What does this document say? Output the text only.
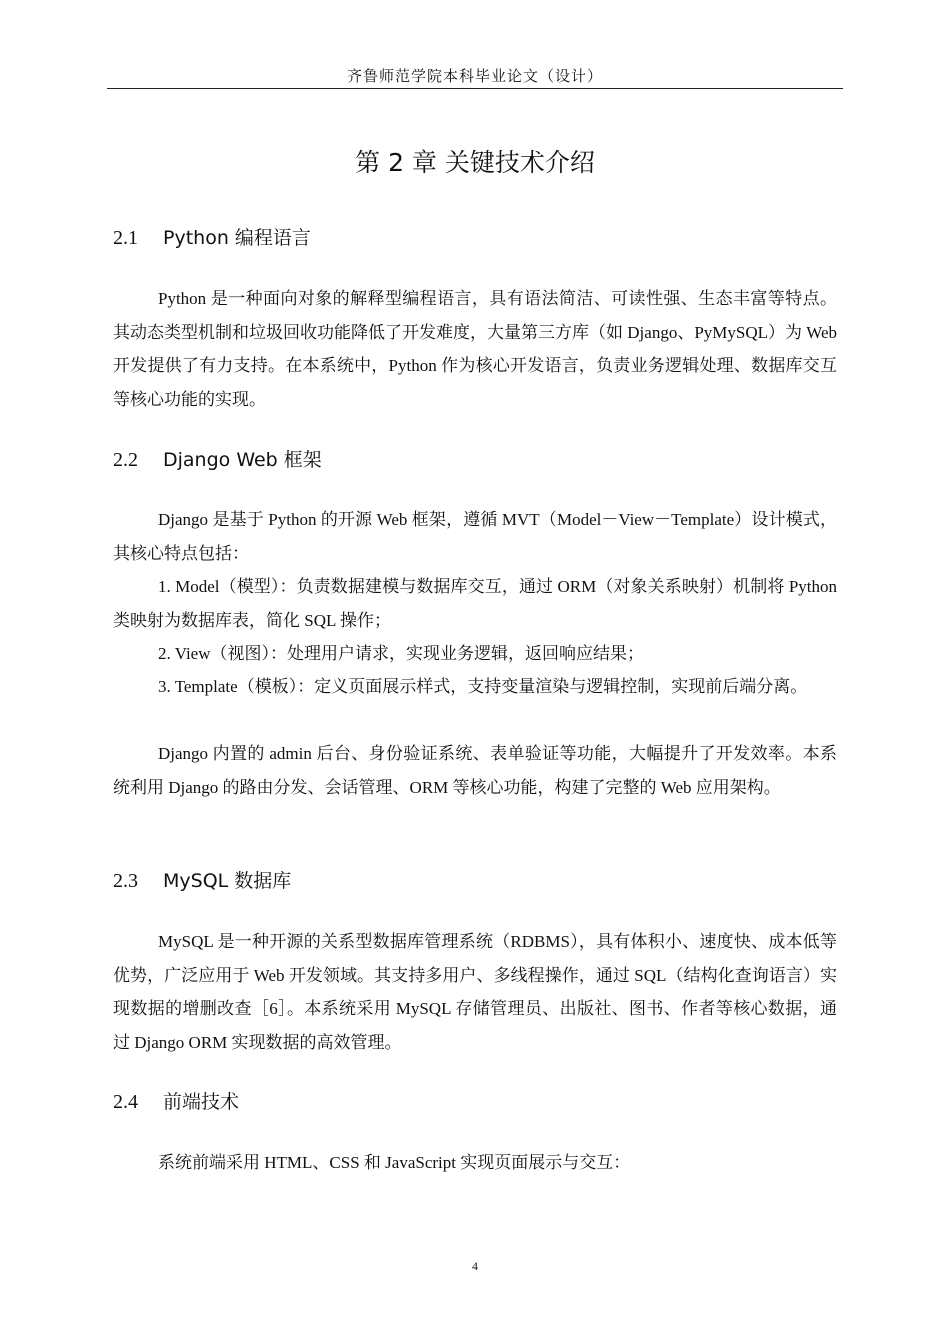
齐鲁师范学院本科毕业论文（设计）
第 2 章 关键技术介绍
2.1 Python 编程语言

Python 是一种面向对象的解释型编程语言，具有语法简洁、可读性强、生态丰富等特点。其动态类型机制和垃圾回收功能降低了开发难度，大量第三方库（如 Django、PyMySQL）为 Web 开发提供了有力支持。在本系统中，Python 作为核心开发语言，负责业务逻辑处理、数据库交互等核心功能的实现。

2.2 Django Web 框架

Django 是基于 Python 的开源 Web 框架，遵循 MVT（Model－View－Template）设计模式，其核心特点包括：

1. Model（模型）：负责数据建模与数据库交互，通过 ORM（对象关系映射）机制将 Python 类映射为数据库表，简化 SQL 操作；

2. View（视图）：处理用户请求，实现业务逻辑，返回响应结果；

3. Template（模板）：定义页面展示样式，支持变量渲染与逻辑控制，实现前后端分离。

Django 内置的 admin 后台、身份验证系统、表单验证等功能，大幅提升了开发效率。本系统利用 Django 的路由分发、会话管理、ORM 等核心功能，构建了完整的 Web 应用架构。

2.3 MySQL 数据库

MySQL 是一种开源的关系型数据库管理系统（RDBMS），具有体积小、速度快、成本低等优势，广泛应用于 Web 开发领域。其支持多用户、多线程操作，通过 SQL（结构化查询语言）实现数据的增删改查［6］。本系统采用 MySQL 存储管理员、出版社、图书、作者等核心数据，通过 Django ORM 实现数据的高效管理。

2.4 前端技术

系统前端采用 HTML、CSS 和 JavaScript 实现页面展示与交互：

4
